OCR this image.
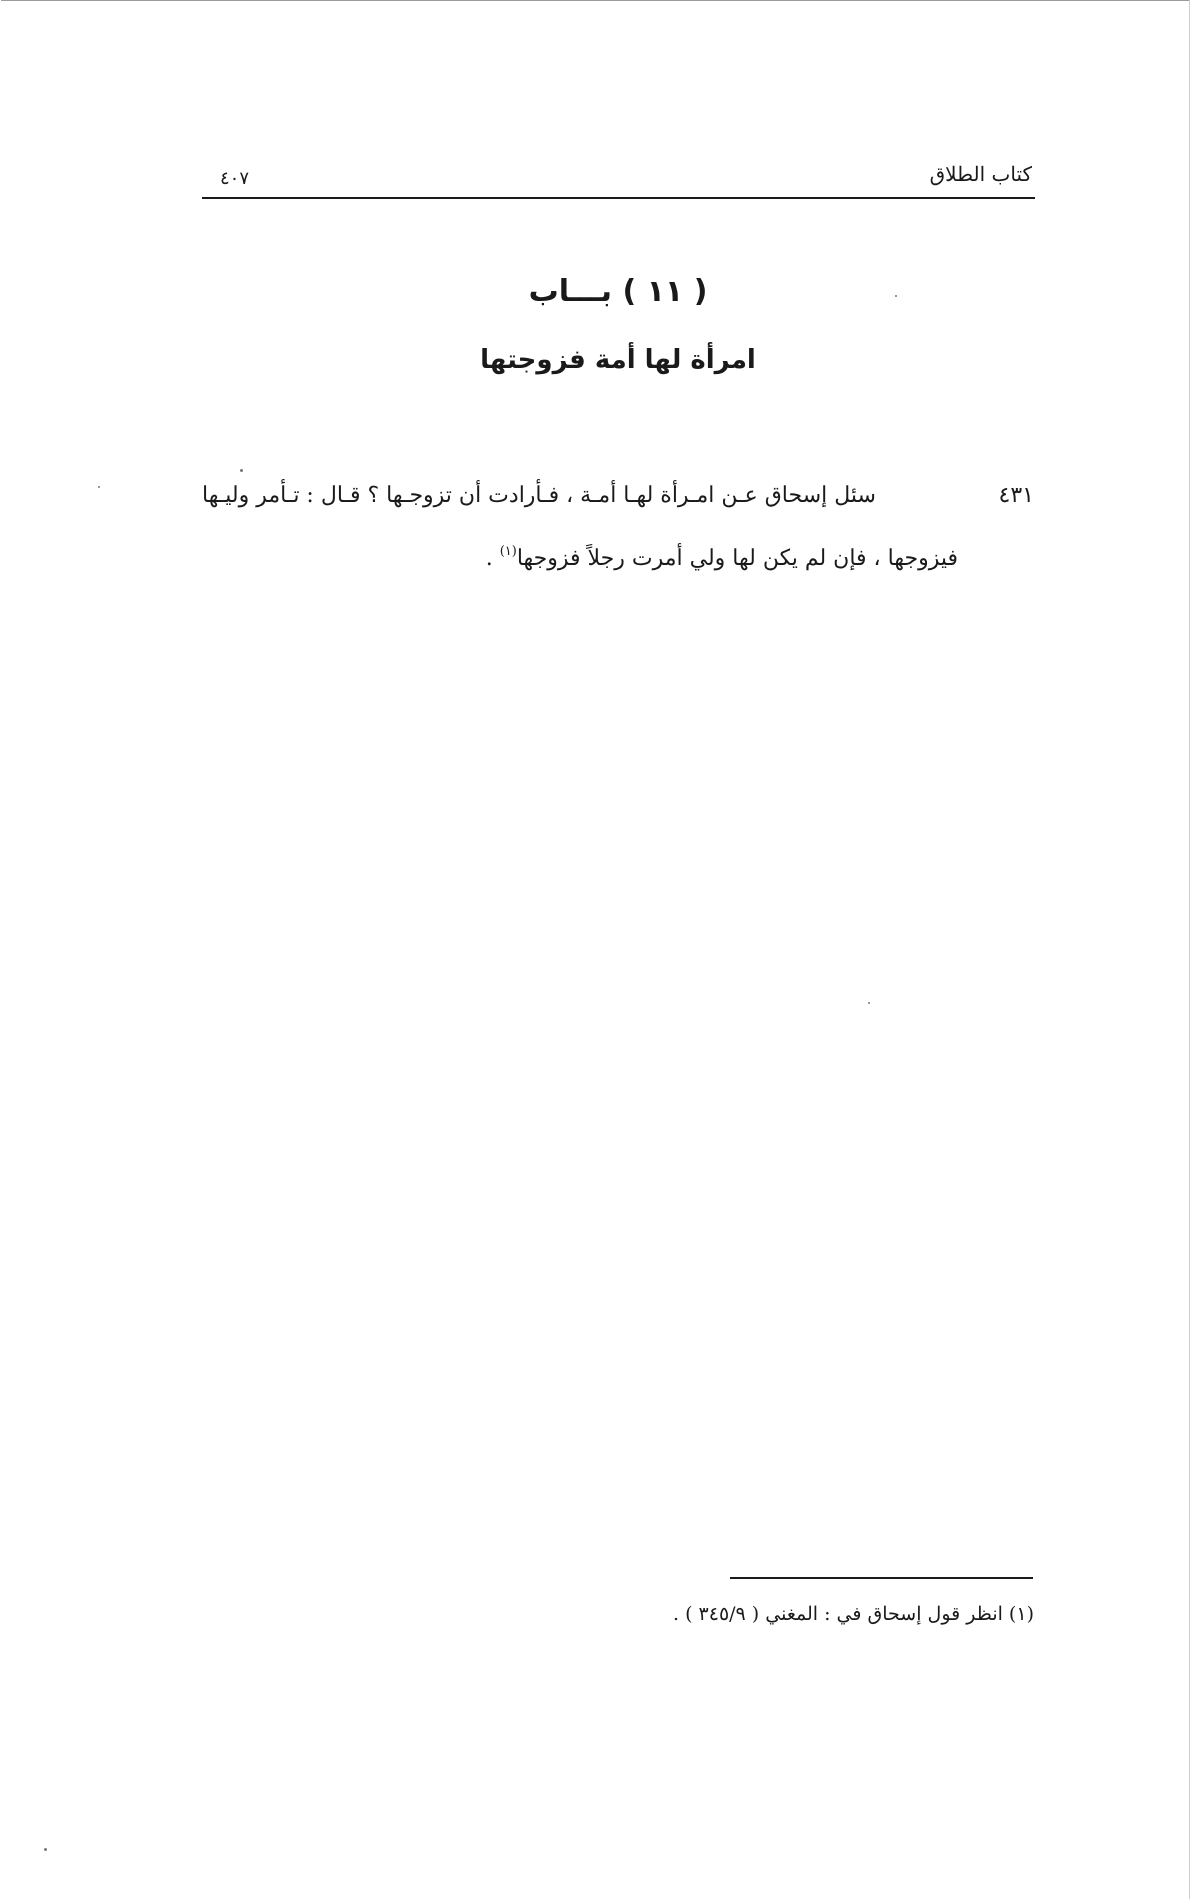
كتاب الطلاق
٤٠٧
( ١١ ) بـــاب
امرأة لها أمة فزوجتها
٤٣١
سئل إسحاق عـن امـرأة لهـا أمـة ، فـأرادت أن تزوجـها ؟ قـال : تـأمر وليـها
فيزوجها ، فإن لم يكن لها ولي أمرت رجلاً فزوجها$^{(١)}$ .
(١) انظر قول إسحاق في : المغني ( ٣٤٥/٩ ) .
